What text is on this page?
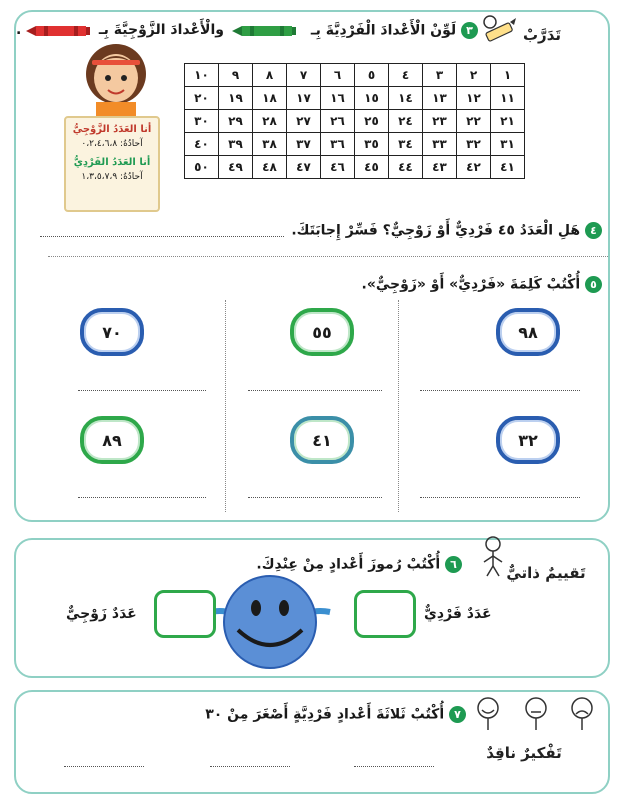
تَدَرَّبْ
٣ لَوِّنْ الْأَعْدادَ الْفَرْدِيَّةَ بِـ
والْأَعْدادَ الزَّوْجِيَّةَ بِـ
.
١	٢	٣	٤	٥	٦	٧	٨	٩	١٠
١١	١٢	١٣	١٤	١٥	١٦	١٧	١٨	١٩	٢٠
٢١	٢٢	٢٣	٢٤	٢٥	٢٦	٢٧	٢٨	٢٩	٣٠
٣١	٣٢	٣٣	٣٤	٣٥	٣٦	٣٧	٣٨	٣٩	٤٠
٤١	٤٢	٤٣	٤٤	٤٥	٤٦	٤٧	٤٨	٤٩	٥٠
أنا العَدَدُ الزَّوْجِيُّ
آحادُهُ: ٠،٢،٤،٦،٨
أنا العَدَدُ الفَرْدِيُّ
آحادُهُ: ١،٣،٥،٧،٩
٤ هَلِ الْعَدَدُ ٤٥ فَرْدِيٌّ أَوْ زَوْجِيٌّ؟ فَسِّرْ إِجابَتَكَ.
٥ أُكْتُبْ كَلِمَةَ «فَرْدِيٌّ» أَوْ «زَوْجِيٌّ».
٩٨
٥٥
٧٠
٣٢
٤١
٨٩
تَقييمٌ ذاتيٌّ
٦ أُكْتُبْ رُموزَ أَعْدادٍ مِنْ عِنْدِكَ.
عَدَدٌ فَرْدِيٌّ
عَدَدٌ زَوْجِيٌّ
٧ أُكْتُبْ ثَلاثَةَ أَعْدادٍ فَرْدِيَّةٍ أَصْغَرَ مِنْ ٣٠
تَفْكيرٌ ناقِدٌ
